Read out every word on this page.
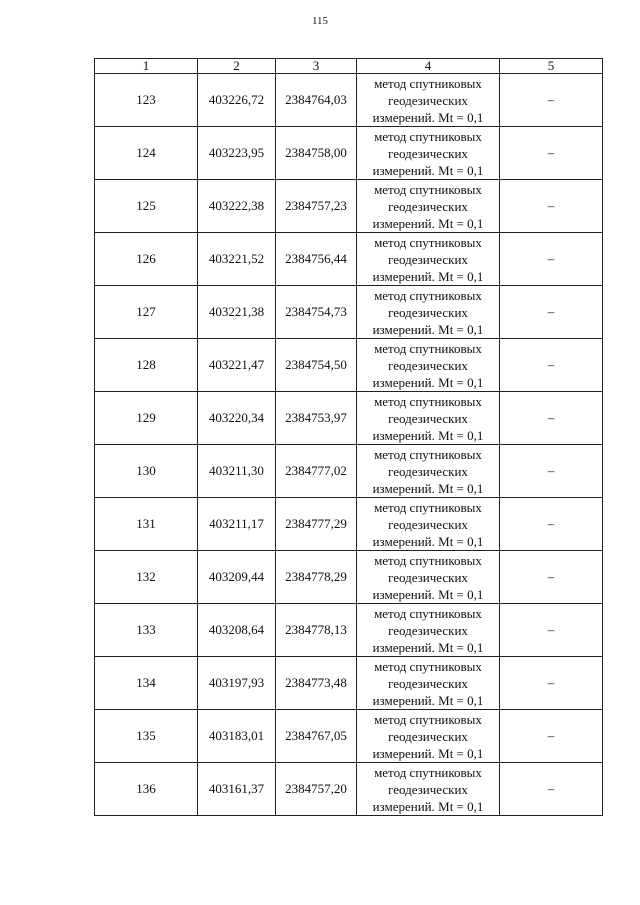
115
1	2	3	4	5
123	403226,72	2384764,03	метод спутниковых
геодезических
измерений. Mt = 0,1	–
124	403223,95	2384758,00	метод спутниковых
геодезических
измерений. Mt = 0,1	–
125	403222,38	2384757,23	метод спутниковых
геодезических
измерений. Mt = 0,1	–
126	403221,52	2384756,44	метод спутниковых
геодезических
измерений. Mt = 0,1	–
127	403221,38	2384754,73	метод спутниковых
геодезических
измерений. Mt = 0,1	–
128	403221,47	2384754,50	метод спутниковых
геодезических
измерений. Mt = 0,1	–
129	403220,34	2384753,97	метод спутниковых
геодезических
измерений. Mt = 0,1	–
130	403211,30	2384777,02	метод спутниковых
геодезических
измерений. Mt = 0,1	–
131	403211,17	2384777,29	метод спутниковых
геодезических
измерений. Mt = 0,1	–
132	403209,44	2384778,29	метод спутниковых
геодезических
измерений. Mt = 0,1	–
133	403208,64	2384778,13	метод спутниковых
геодезических
измерений. Mt = 0,1	–
134	403197,93	2384773,48	метод спутниковых
геодезических
измерений. Mt = 0,1	–
135	403183,01	2384767,05	метод спутниковых
геодезических
измерений. Mt = 0,1	–
136	403161,37	2384757,20	метод спутниковых
геодезических
измерений. Mt = 0,1	–
